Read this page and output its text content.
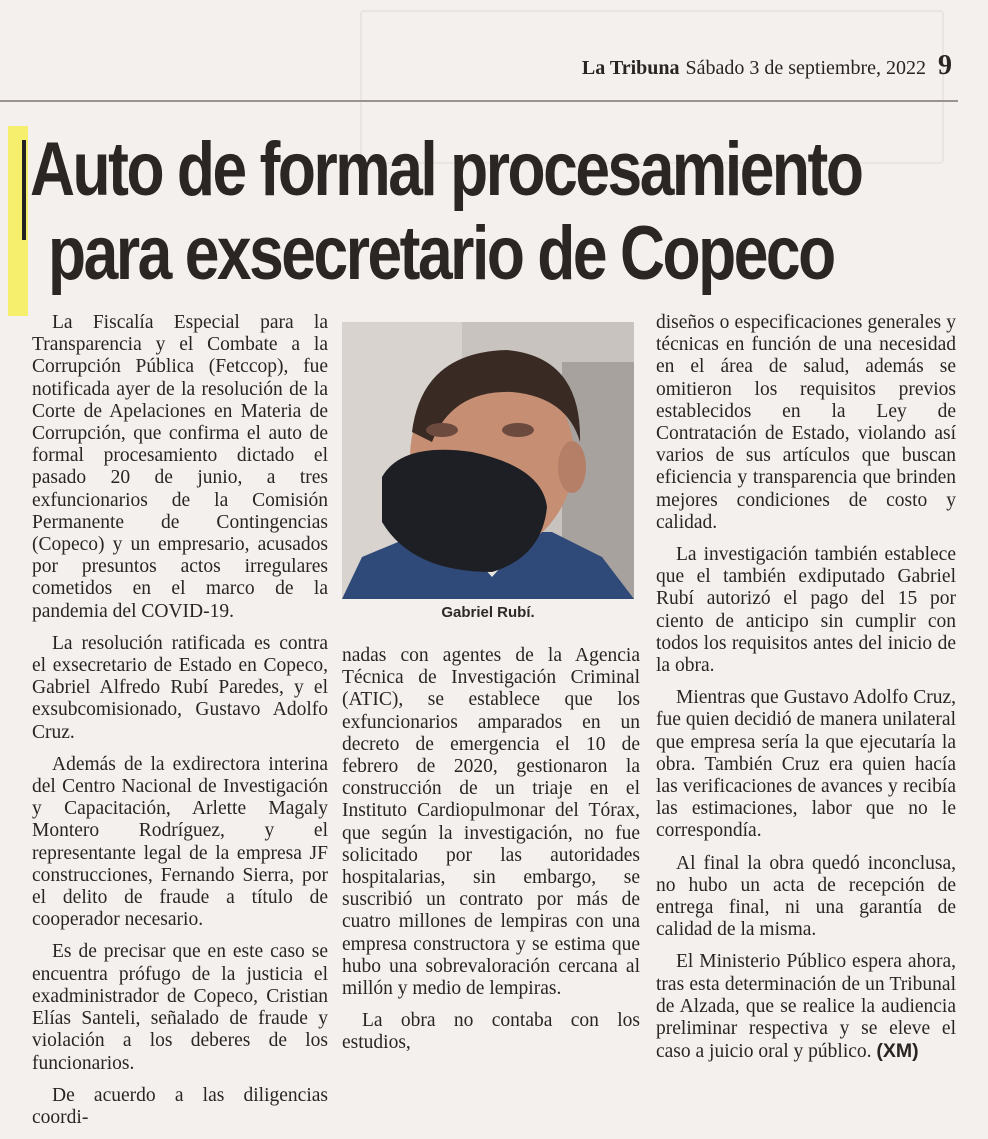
La Tribuna Sábado 3 de septiembre, 2022 9
Auto de formal procesamiento
para exsecretario de Copeco

La Fiscalía Especial para la Transparencia y el Combate a la Corrupción Pública (Fetccop), fue notificada ayer de la resolución de la Corte de Apelaciones en Materia de Corrupción, que confirma el auto de formal procesamiento dictado el pasado 20 de junio, a tres exfuncionarios de la Comisión Permanente de Contingencias (Copeco) y un empresario, acusados por presuntos actos irregulares cometidos en el marco de la pandemia del COVID-19.

La resolución ratificada es contra el exsecretario de Estado en Copeco, Gabriel Alfredo Rubí Paredes, y el exsubcomisionado, Gustavo Adolfo Cruz.

Además de la exdirectora interina del Centro Nacional de Investigación y Capacitación, Arlette Magaly Montero Rodríguez, y el representante legal de la empresa JF construcciones, Fernando Sierra, por el delito de fraude a título de cooperador necesario.

Es de precisar que en este caso se encuentra prófugo de la justicia el exadministrador de Copeco, Cristian Elías Santeli, señalado de fraude y violación a los deberes de los funcionarios.

De acuerdo a las diligencias coordi-

Gabriel Rubí.

nadas con agentes de la Agencia Técnica de Investigación Criminal (ATIC), se establece que los exfuncionarios amparados en un decreto de emergencia el 10 de febrero de 2020, gestionaron la construcción de un triaje en el Instituto Cardiopulmonar del Tórax, que según la investigación, no fue solicitado por las autoridades hospitalarias, sin embargo, se suscribió un contrato por más de cuatro millones de lempiras con una empresa constructora y se estima que hubo una sobrevaloración cercana al millón y medio de lempiras.

La obra no contaba con los estudios,

diseños o especificaciones generales y técnicas en función de una necesidad en el área de salud, además se omitieron los requisitos previos establecidos en la Ley de Contratación de Estado, violando así varios de sus artículos que buscan eficiencia y transparencia que brinden mejores condiciones de costo y calidad.

La investigación también establece que el también exdiputado Gabriel Rubí autorizó el pago del 15 por ciento de anticipo sin cumplir con todos los requisitos antes del inicio de la obra.

Mientras que Gustavo Adolfo Cruz, fue quien decidió de manera unilateral que empresa sería la que ejecutaría la obra. También Cruz era quien hacía las verificaciones de avances y recibía las estimaciones, labor que no le correspondía.

Al final la obra quedó inconclusa, no hubo un acta de recepción de entrega final, ni una garantía de calidad de la misma.

El Ministerio Público espera ahora, tras esta determinación de un Tribunal de Alzada, que se realice la audiencia preliminar respectiva y se eleve el caso a juicio oral y público. (XM)
